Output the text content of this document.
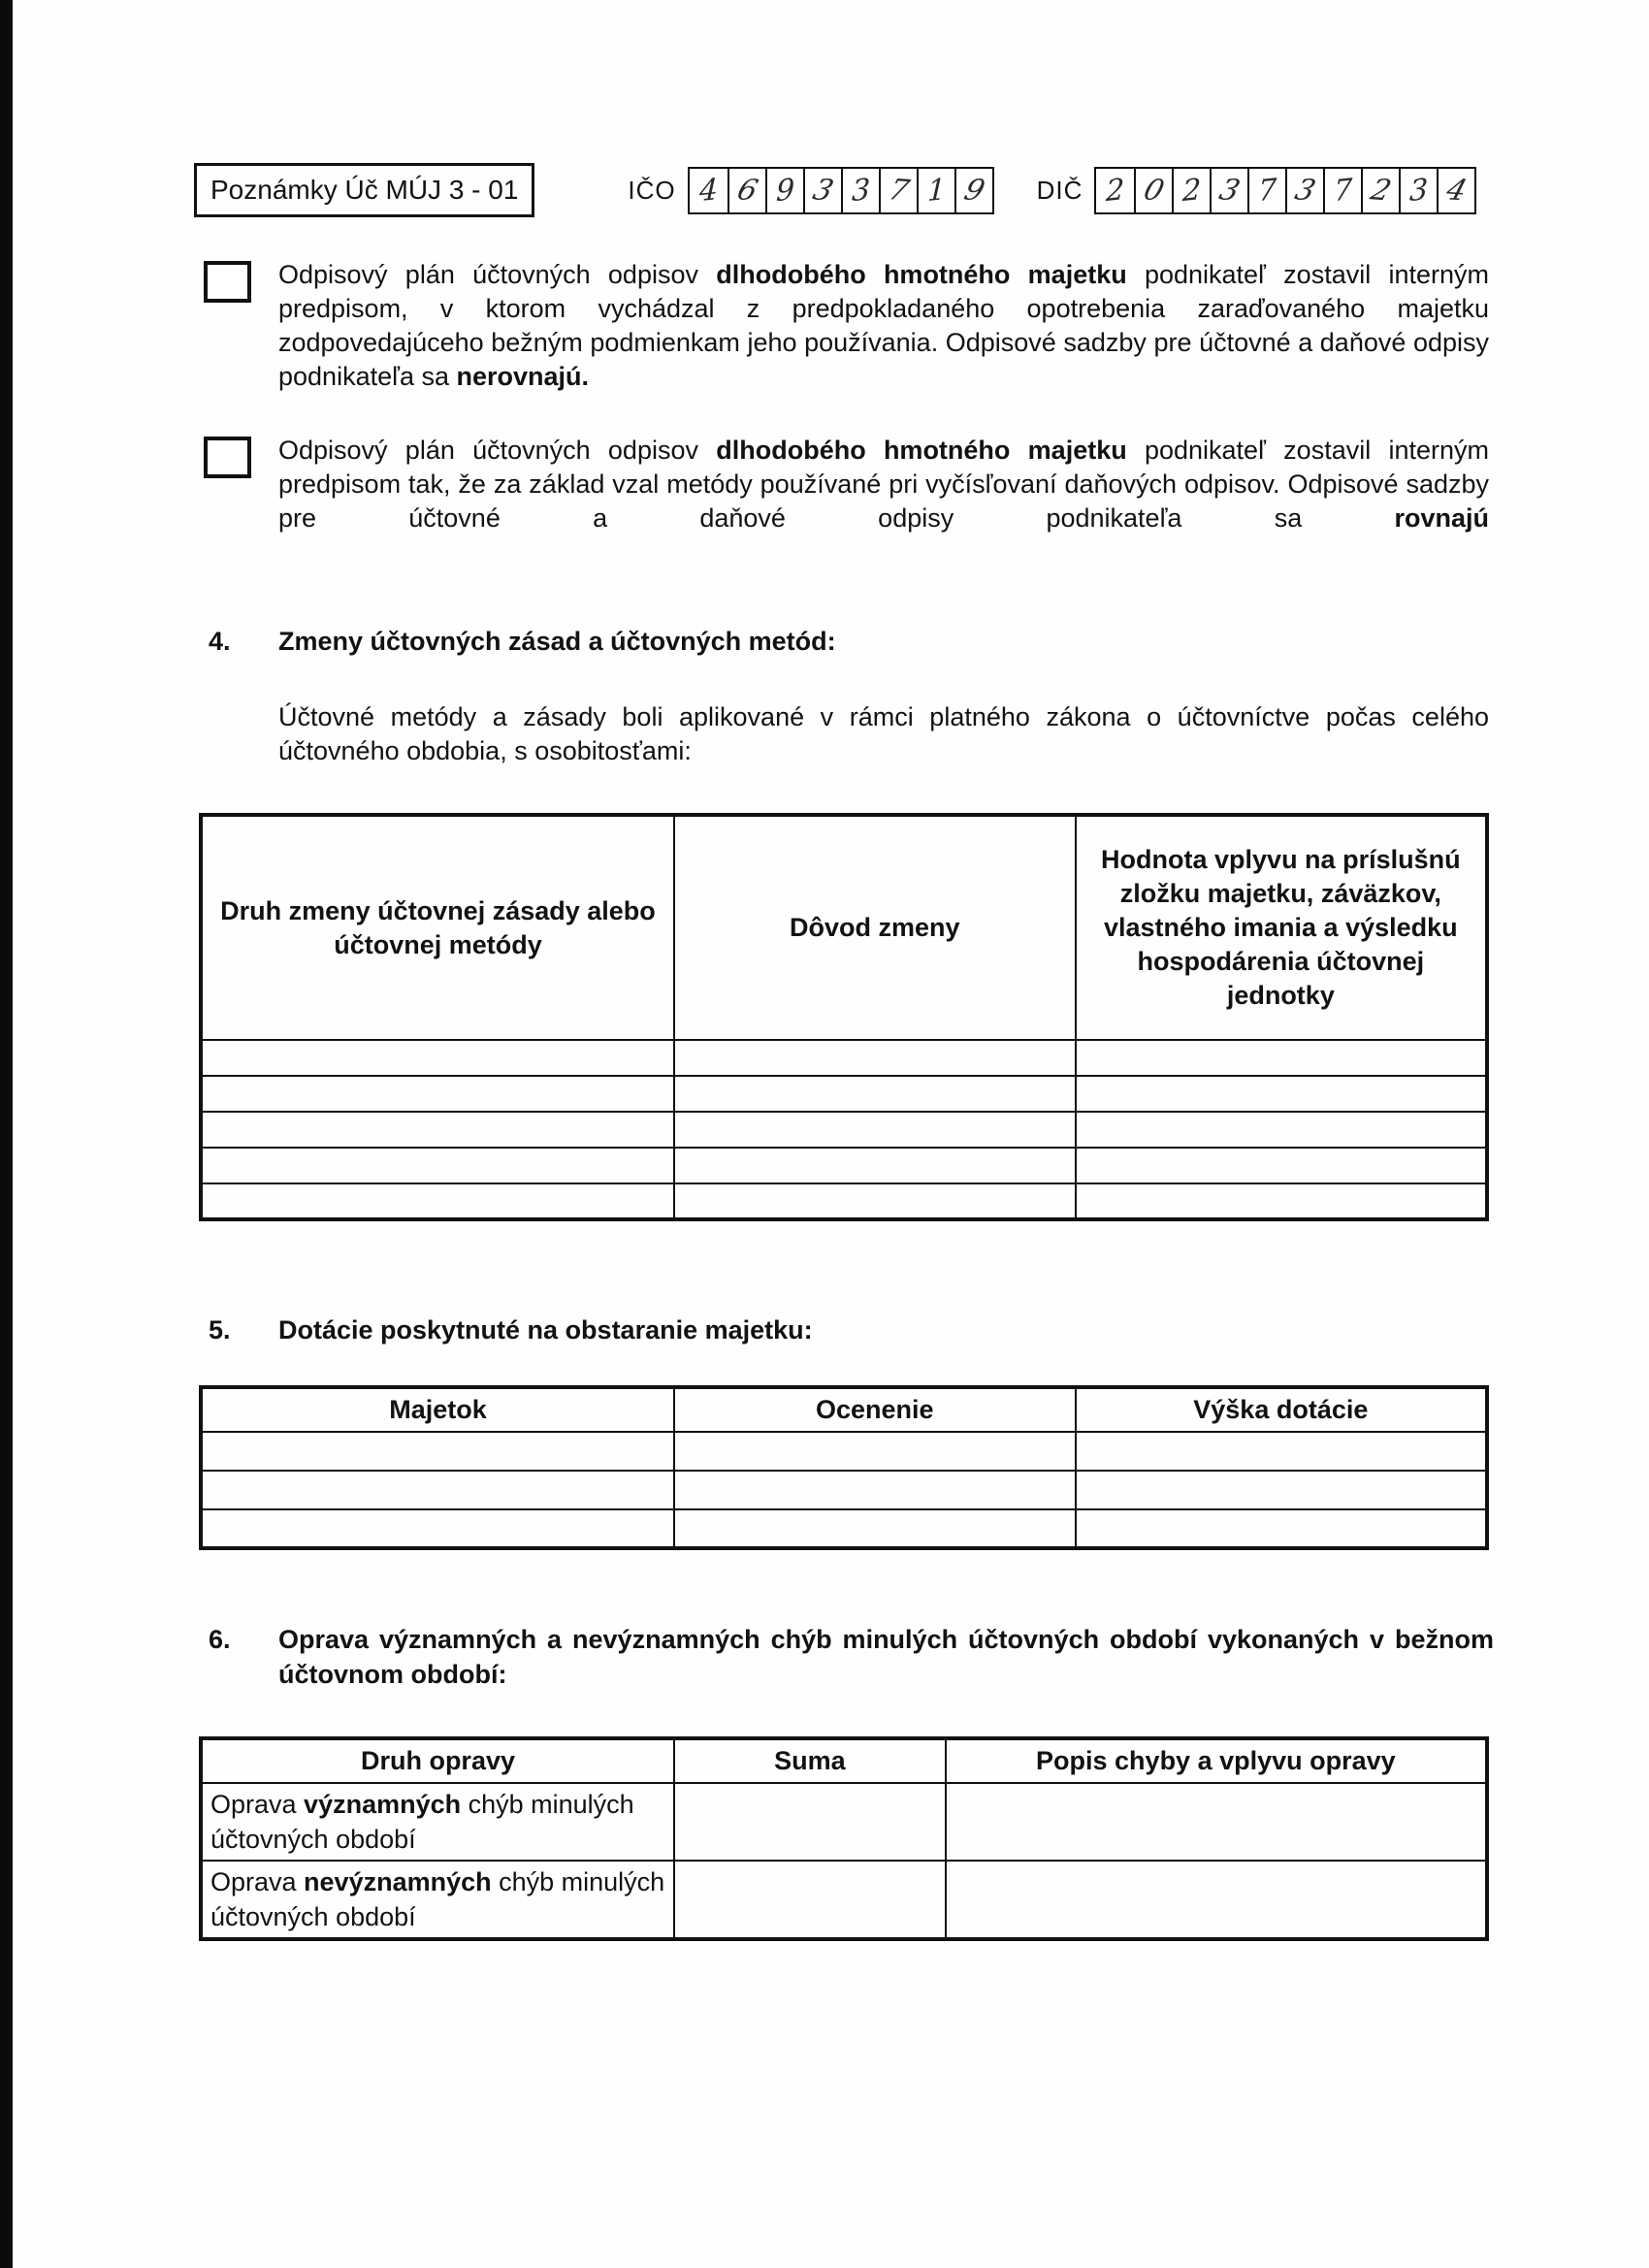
Poznámky Úč MÚJ 3 - 01	IČO 4 6 9 3 3 7 1 9 DIČ 2 0 2 3 7 3 7 2 3 4

Odpisový plán účtovných odpisov dlhodobého hmotného majetku podnikateľ zostavil interným predpisom, v ktorom vychádzal z predpokladaného opotrebenia zaraďovaného majetku zodpovedajúceho bežným podmienkam jeho používania. Odpisové sadzby pre účtovné a daňové odpisy podnikateľa sa nerovnajú.

Odpisový plán účtovných odpisov dlhodobého hmotného majetku podnikateľ zostavil interným predpisom tak, že za základ vzal metódy používané pri vyčísľovaní daňových odpisov. Odpisové sadzby pre účtovné a daňové odpisy podnikateľa sa rovnajú

4.	Zmeny účtovných zásad a účtovných metód:

Účtovné metódy a zásady boli aplikované v rámci platného zákona o účtovníctve počas celého účtovného obdobia, s osobitosťami:

Druh zmeny účtovnej zásady alebo účtovnej metódy	Dôvod zmeny	Hodnota vplyvu na príslušnú zložku majetku, záväzkov, vlastného imania a výsledku hospodárenia účtovnej jednotky

5.	Dotácie poskytnuté na obstaranie majetku:
Majetok	Ocenenie	Výška dotácie

6.	Oprava významných a nevýznamných chýb minulých účtovných období vykonaných v bežnom účtovnom období:
Druh opravy	Suma	Popis chyby a vplyvu opravy
Oprava významných chýb minulých účtovných období		
Oprava nevýznamných chýb minulých účtovných období		
